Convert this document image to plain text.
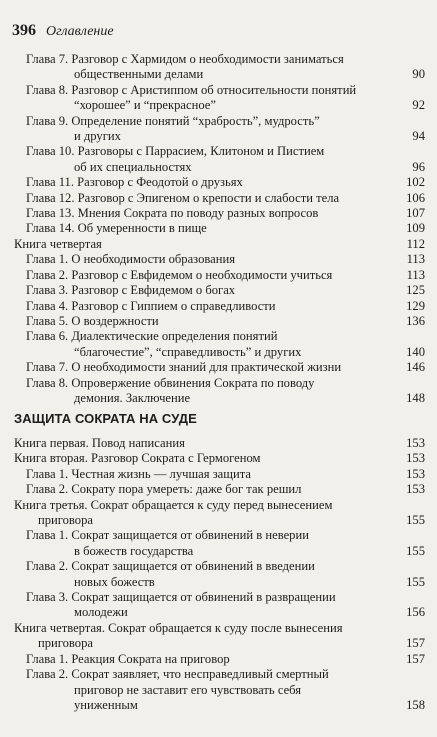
396 Оглавление
Глава 7. Разговор с Хармидом о необходимости заниматься
общественными делами	90
Глава 8. Разговор с Аристиппом об относительности понятий
“хорошее” и “прекрасное”	92
Глава 9. Определение понятий “храбрость”, мудрость”
и других	94
Глава 10. Разговоры с Паррасием, Клитоном и Пистием
об их специальностях	96
Глава 11. Разговор с Феодотой о друзьях	102
Глава 12. Разговор с Эпигеном о крепости и слабости тела	106
Глава 13. Мнения Сократа по поводу разных вопросов	107
Глава 14. Об умеренности в пище	109
Книга четвертая	112
Глава 1. О необходимости образования	113
Глава 2. Разговор с Евфидемом о необходимости учиться	113
Глава 3. Разговор с Евфидемом о богах	125
Глава 4. Разговор с Гиппием о справедливости	129
Глава 5. О воздержности	136
Глава 6. Диалектические определения понятий
“благочестие”, “справедливость” и других	140
Глава 7. О необходимости знаний для практической жизни	146
Глава 8. Опровержение обвинения Сократа по поводу
демония. Заключение	148
ЗАЩИТА СОКРАТА НА СУДЕ
Книга первая. Повод написания	153
Книга вторая. Разговор Сократа с Гермогеном	153
Глава 1. Честная жизнь — лучшая защита	153
Глава 2. Сократу пора умереть: даже бог так решил	153
Книга третья. Сократ обращается к суду перед вынесением
приговора	155
Глава 1. Сократ защищается от обвинений в неверии
в божеств государства	155
Глава 2. Сократ защищается от обвинений в введении
новых божеств	155
Глава 3. Сократ защищается от обвинений в развращении
молодежи	156
Книга четвертая. Сократ обращается к суду после вынесения
приговора	157
Глава 1. Реакция Сократа на приговор	157
Глава 2. Сократ заявляет, что несправедливый смертный
приговор не заставит его чувствовать себя
униженным	158
